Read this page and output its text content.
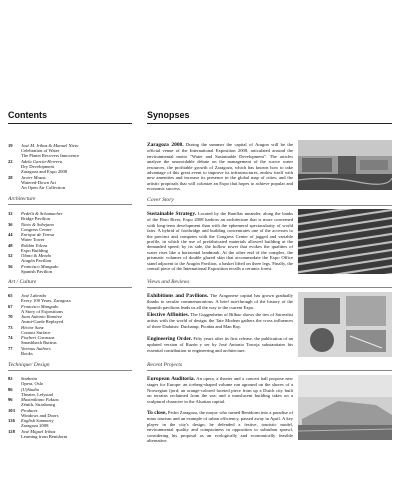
Contents	Synopses
19	José M. Iribas & Manuel Nieto
Celebration of Water
The Planet Recovers Innocence
22	Adela García-Herrera
Dry Development
Zaragoza and Expo 2008
28	Javier Mozas
Watered-Down Art
An Open Air Collection
Architecture
32	Pedelit & Schumacher
Bridge Pavilion
36	Nieto & Sobejano
Congress Centre
44	Enrique de Teresa
Water Tower
48	Roldán Toleza
Expo Building
52	Olano & Mendo
Aragón Pavilion
56	Francisco Mangado
Spanish Pavilion
Art / Culture
65	José Laborda
Every 100 Years, Zaragoza
67	Francisco Mangado
A Story of Expositions
70	Juan Antonio Ramírez
Avant-Garde Replayed
73	Héctor Sanz
Contact Surface
74	Fischeri Carassas
Smashbach Buttrus
77	Various Authors
Books
Technique/ Design
82	Snøhetta
Opera, Oslo
86	(U)Studio
Theater, Lelystad
96	Maximiliano Fuksas
Zénith, Strasbourg
103	Products
Windows and Doors
126	English Summary
Zaragoza 2008
128	José Miguel Iribas
Learning from Benidorm
Zaragoza 2008. During the summer the capital of Aragon will be the official venue of the International Exposition 2008, articulated around the environmental motto "Water and Sustainable Development". The articles analyze the unavoidable debate on the management of the scarce water resources, the profitable growth of Zaragoza, which has known how to take advantage of this great event to improve its infrastructures, endow itself with new amenities and increase its presence in the global map of cities; and the artistic proposals that will colonize an Expo that hopes to achieve popular and economic success.
Cover Story
Sustainable Strategy. Located by the Ranillas meander, along the banks of the Ebro River, Expo 2008 harbors an architecture that is more concerned with long-term development than with the ephemeral spectacularity of world fairs. A hybrid of footbridge and building concentrates one of the accesses to the precinct and competes with the Congress Center of jagged and variable profile, in which the use of prefabricated materials allowed building at the demanded speed; by its side, the hollow tower that evokes the qualities of water rises like a horizontal landmark. At the other end of the complex, the prismatic volumes of double glazed skin that accommodate the Expo Office stand adjacent to the Aragón Pavilion, a basket lifted on three legs. Finally, the central piece of the International Exposition recalls a ceramic forest.
Views and Reviews
Exhibitions and Pavilions. The Aragonese capital has grown gradually thanks to secular commemorations. A brief run-through of the history of the Spanish pavilions leads us all the way to the current Expo.
Elective Affinities. The Guggenheim of Bilbao shows the ties of Surrealist artists with the world of design; the Tate Modern gathers the cross influences of three Dadaists: Duchamp, Picabia and Man Ray.
Engineering Order. Fifty years after its first release, the publication of an updated version of Razón y ser by José Antonio Torroja substantiates his essential contribution to engineering and architecture.
Recent Projects
European Auditoria. An opera, a theater and a concert hall propose new stages for Europe: an iceberg-shaped volume run aground on the shores of a Norwegian fjord; an orange-colored faceted piece from up a Dutch city built on terrains reclaimed from the sea; and a translucent building takes on a sculptural character in the Alsatian capital.
To close, Pedro Zaragoza, the mayor who turned Benidorm into a paradise of mass tourism and an example of urban efficiency, passed away in April. A key player in the city's design, he defended a festive, touristic model, environmental quality and compactness in opposition to suburban sprawl, considering his proposal as an ecologically and economically feasible alternative.
